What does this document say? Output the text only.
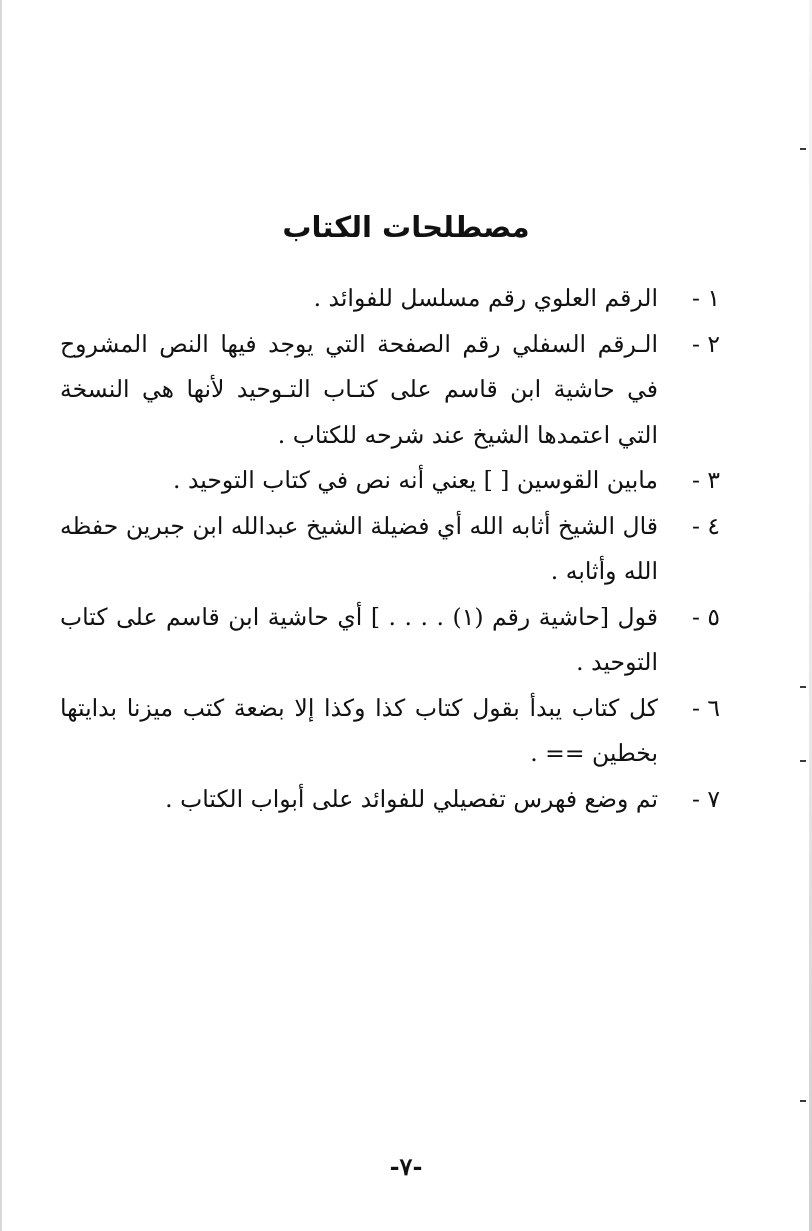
مصطلحات الكتاب
١ -
الرقم العلوي رقم مسلسل للفوائد .
٢ -
الـرقم السفلي رقم الصفحة التي يوجد فيها النص المشروح في حاشية ابن قاسم على كتـاب التـوحيد لأنها هي النسخة التي اعتمدها الشيخ عند شرحه للكتاب .
٣ -
مابين القوسين [ ] يعني أنه نص في كتاب التوحيد .
٤ -
قال الشيخ أثابه الله أي فضيلة الشيخ عبدالله ابن جبرين حفظه الله وأثابه .
٥ -
قول [حاشية رقم (١) . . . . ] أي حاشية ابن قاسم على كتاب التوحيد .
٦ -
كل كتاب يبدأ بقول كتاب كذا وكذا إلا بضعة كتب ميزنا بدايتها بخطين == .
٧ -
تم وضع فهرس تفصيلي للفوائد على أبواب الكتاب .
-٧-
